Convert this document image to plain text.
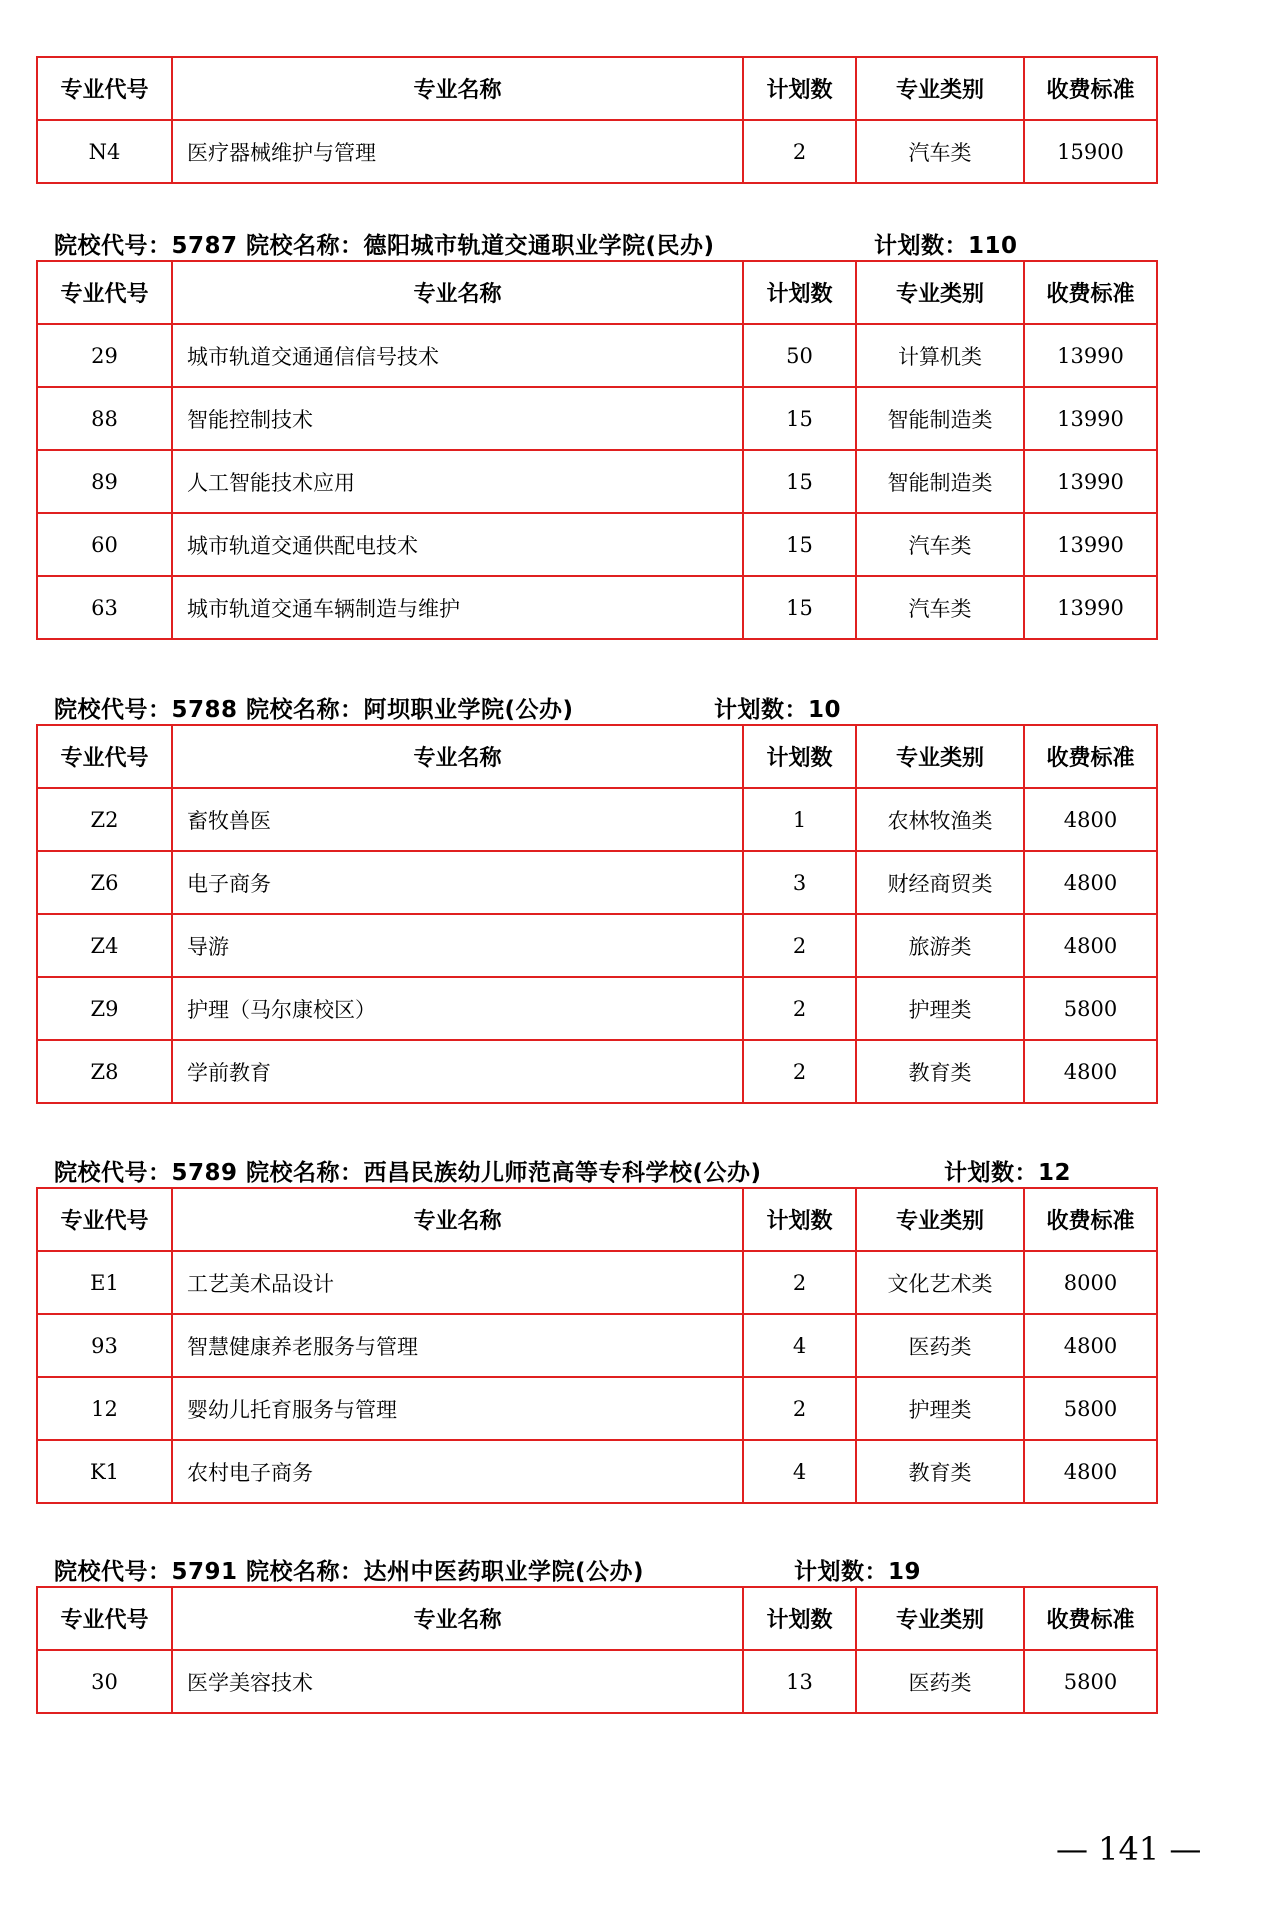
专业代号	专业名称	计划数	专业类别	收费标准
N4	医疗器械维护与管理	2	汽车类	15900
院校代号：5787 院校名称：德阳城市轨道交通职业学院(民办)	计划数：110
专业代号	专业名称	计划数	专业类别	收费标准
29	城市轨道交通通信信号技术	50	计算机类	13990
88	智能控制技术	15	智能制造类	13990
89	人工智能技术应用	15	智能制造类	13990
60	城市轨道交通供配电技术	15	汽车类	13990
63	城市轨道交通车辆制造与维护	15	汽车类	13990
院校代号：5788 院校名称：阿坝职业学院(公办)	计划数：10
专业代号	专业名称	计划数	专业类别	收费标准
Z2	畜牧兽医	1	农林牧渔类	4800
Z6	电子商务	3	财经商贸类	4800
Z4	导游	2	旅游类	4800
Z9	护理（马尔康校区）	2	护理类	5800
Z8	学前教育	2	教育类	4800
院校代号：5789 院校名称：西昌民族幼儿师范高等专科学校(公办)	计划数：12
专业代号	专业名称	计划数	专业类别	收费标准
E1	工艺美术品设计	2	文化艺术类	8000
93	智慧健康养老服务与管理	4	医药类	4800
12	婴幼儿托育服务与管理	2	护理类	5800
K1	农村电子商务	4	教育类	4800
院校代号：5791 院校名称：达州中医药职业学院(公办)	计划数：19
专业代号	专业名称	计划数	专业类别	收费标准
30	医学美容技术	13	医药类	5800
— 141 —
